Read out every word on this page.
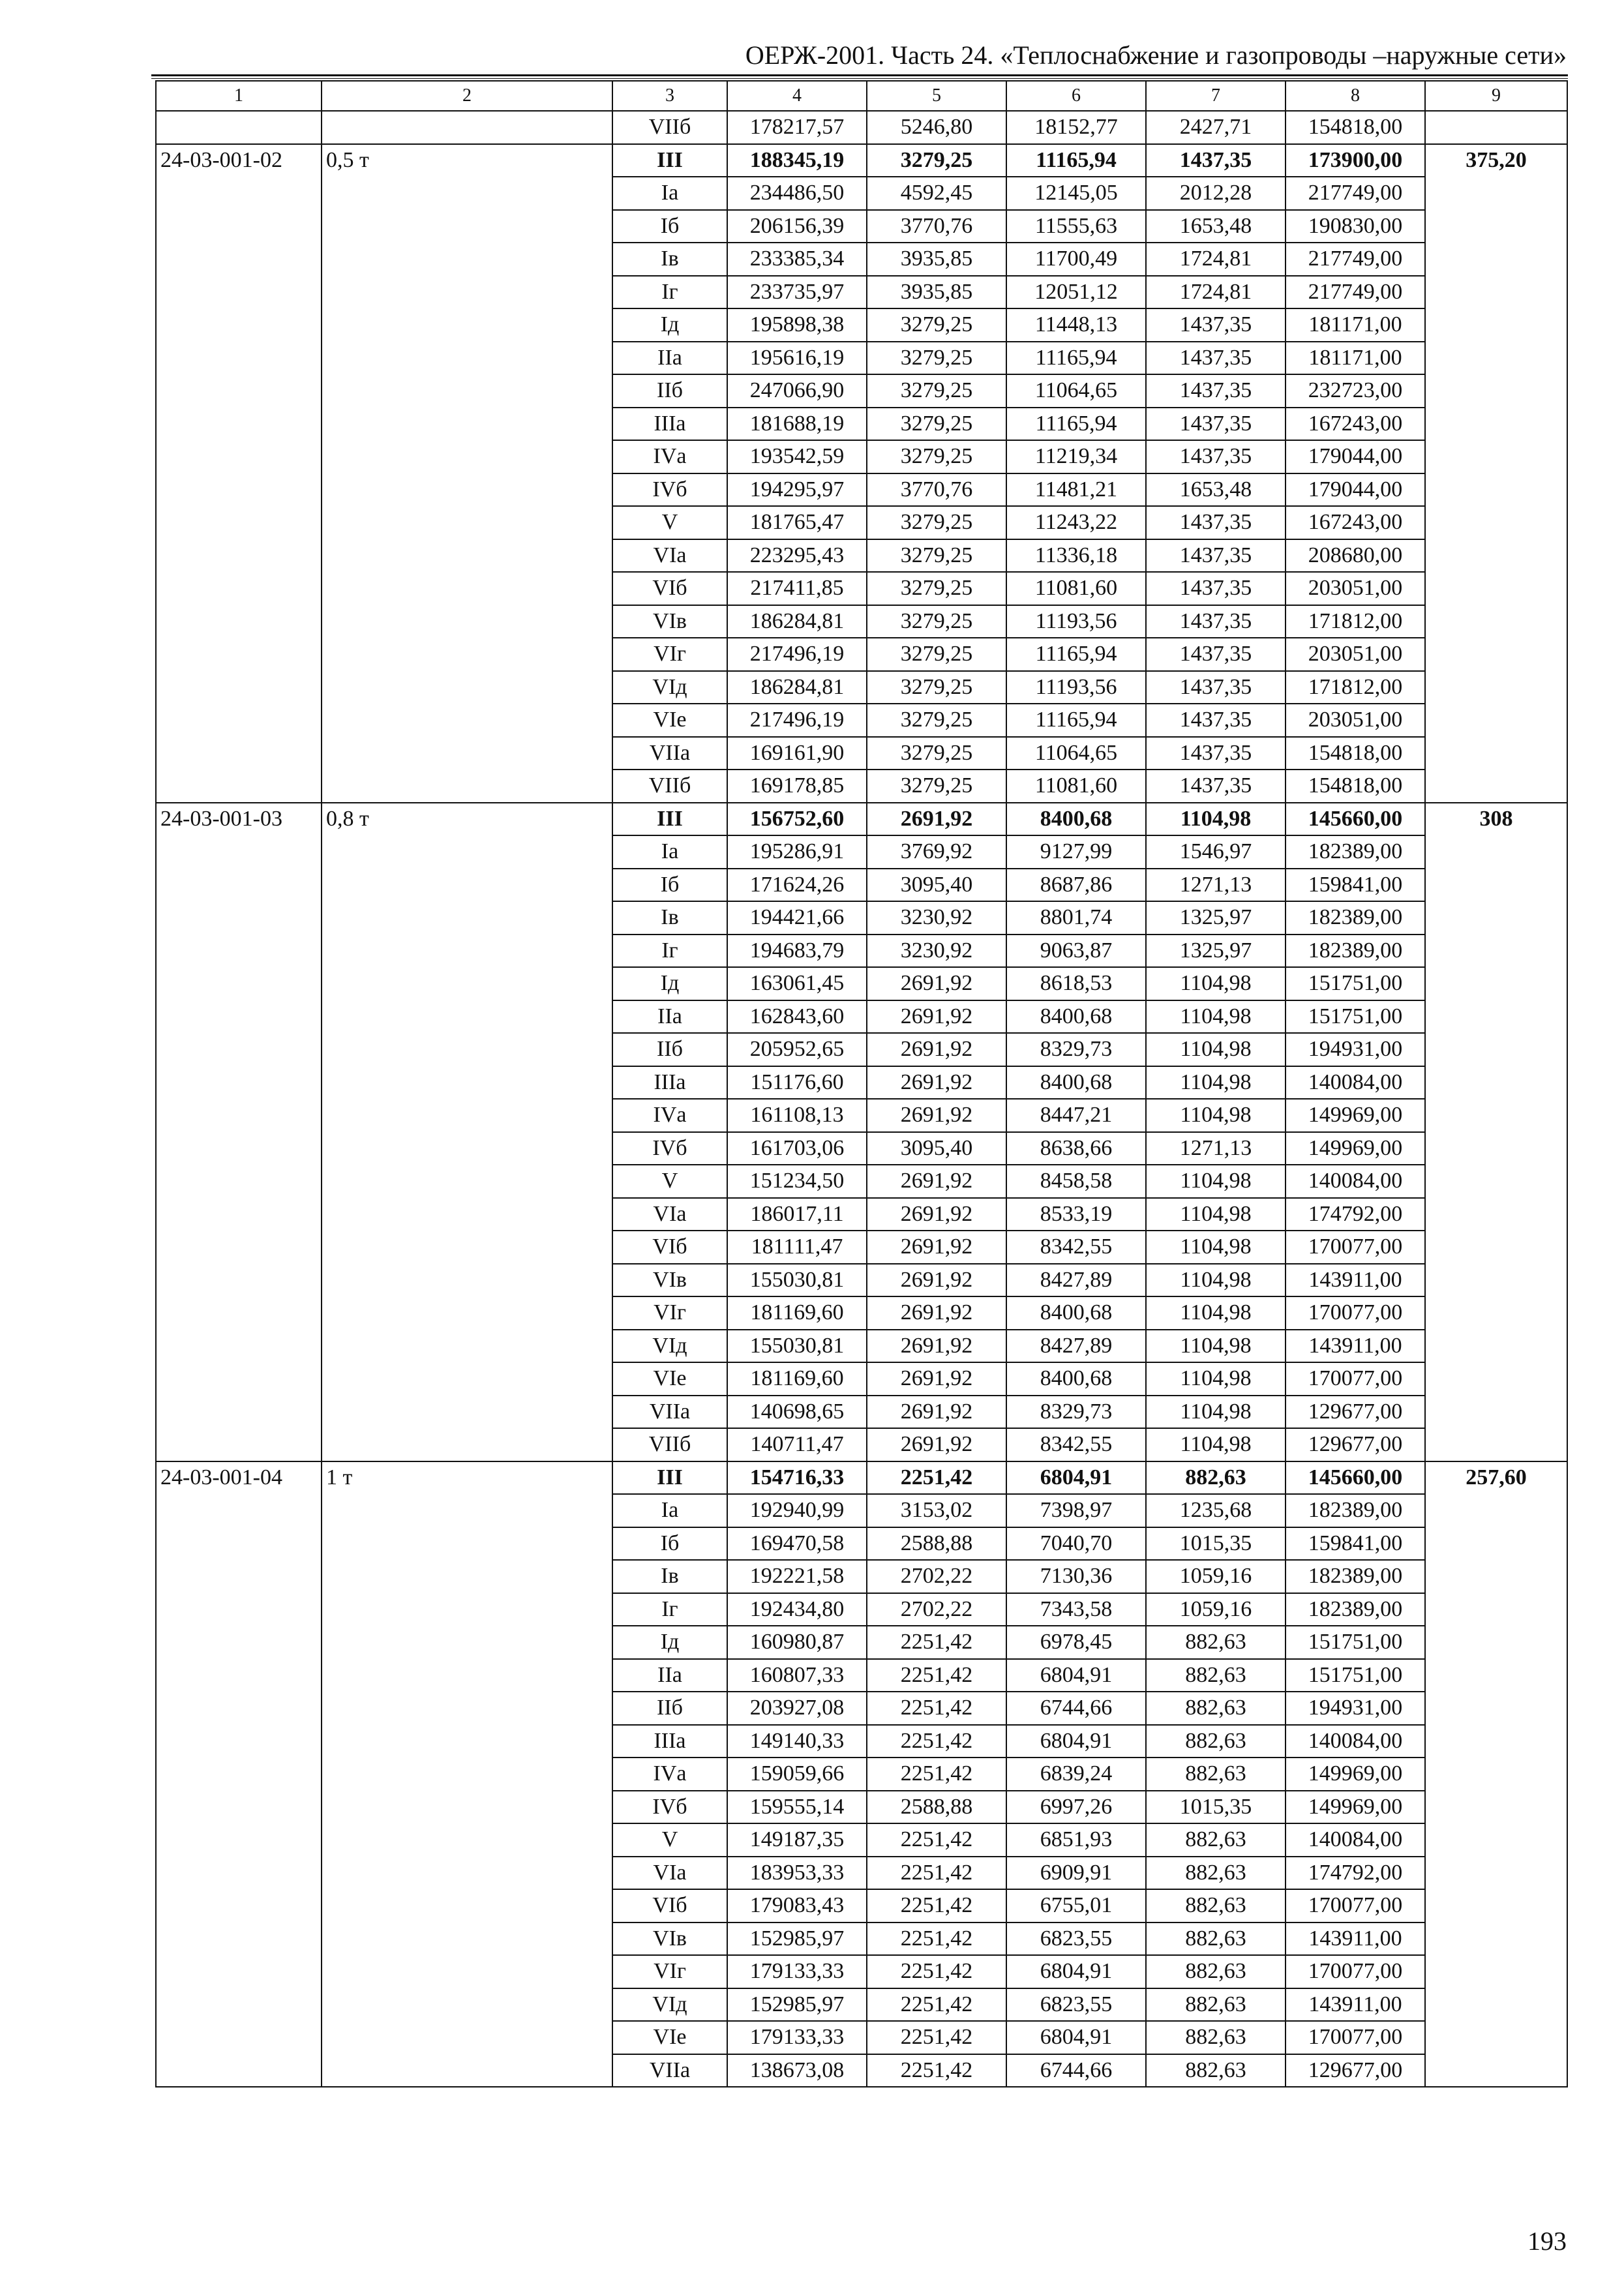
ОЕРЖ-2001. Часть 24. «Теплоснабжение и газопроводы –наружные сети»
1	2	3	4	5	6	7	8	9
		VIIб	178217,57	5246,80	18152,77	2427,71	154818,00	
24-03-001-02	0,5 т	III	188345,19	3279,25	11165,94	1437,35	173900,00	375,20
		Iа	234486,50	4592,45	12145,05	2012,28	217749,00	
		Iб	206156,39	3770,76	11555,63	1653,48	190830,00	
		Iв	233385,34	3935,85	11700,49	1724,81	217749,00	
		Iг	233735,97	3935,85	12051,12	1724,81	217749,00	
		Iд	195898,38	3279,25	11448,13	1437,35	181171,00	
		IIа	195616,19	3279,25	11165,94	1437,35	181171,00	
		IIб	247066,90	3279,25	11064,65	1437,35	232723,00	
		IIIа	181688,19	3279,25	11165,94	1437,35	167243,00	
		IVа	193542,59	3279,25	11219,34	1437,35	179044,00	
		IVб	194295,97	3770,76	11481,21	1653,48	179044,00	
		V	181765,47	3279,25	11243,22	1437,35	167243,00	
		VIа	223295,43	3279,25	11336,18	1437,35	208680,00	
		VIб	217411,85	3279,25	11081,60	1437,35	203051,00	
		VIв	186284,81	3279,25	11193,56	1437,35	171812,00	
		VIг	217496,19	3279,25	11165,94	1437,35	203051,00	
		VIд	186284,81	3279,25	11193,56	1437,35	171812,00	
		VIе	217496,19	3279,25	11165,94	1437,35	203051,00	
		VIIа	169161,90	3279,25	11064,65	1437,35	154818,00	
		VIIб	169178,85	3279,25	11081,60	1437,35	154818,00	
24-03-001-03	0,8 т	III	156752,60	2691,92	8400,68	1104,98	145660,00	308
		Iа	195286,91	3769,92	9127,99	1546,97	182389,00	
		Iб	171624,26	3095,40	8687,86	1271,13	159841,00	
		Iв	194421,66	3230,92	8801,74	1325,97	182389,00	
		Iг	194683,79	3230,92	9063,87	1325,97	182389,00	
		Iд	163061,45	2691,92	8618,53	1104,98	151751,00	
		IIа	162843,60	2691,92	8400,68	1104,98	151751,00	
		IIб	205952,65	2691,92	8329,73	1104,98	194931,00	
		IIIа	151176,60	2691,92	8400,68	1104,98	140084,00	
		IVа	161108,13	2691,92	8447,21	1104,98	149969,00	
		IVб	161703,06	3095,40	8638,66	1271,13	149969,00	
		V	151234,50	2691,92	8458,58	1104,98	140084,00	
		VIа	186017,11	2691,92	8533,19	1104,98	174792,00	
		VIб	181111,47	2691,92	8342,55	1104,98	170077,00	
		VIв	155030,81	2691,92	8427,89	1104,98	143911,00	
		VIг	181169,60	2691,92	8400,68	1104,98	170077,00	
		VIд	155030,81	2691,92	8427,89	1104,98	143911,00	
		VIе	181169,60	2691,92	8400,68	1104,98	170077,00	
		VIIа	140698,65	2691,92	8329,73	1104,98	129677,00	
		VIIб	140711,47	2691,92	8342,55	1104,98	129677,00	
24-03-001-04	1 т	III	154716,33	2251,42	6804,91	882,63	145660,00	257,60
		Iа	192940,99	3153,02	7398,97	1235,68	182389,00	
		Iб	169470,58	2588,88	7040,70	1015,35	159841,00	
		Iв	192221,58	2702,22	7130,36	1059,16	182389,00	
		Iг	192434,80	2702,22	7343,58	1059,16	182389,00	
		Iд	160980,87	2251,42	6978,45	882,63	151751,00	
		IIа	160807,33	2251,42	6804,91	882,63	151751,00	
		IIб	203927,08	2251,42	6744,66	882,63	194931,00	
		IIIа	149140,33	2251,42	6804,91	882,63	140084,00	
		IVа	159059,66	2251,42	6839,24	882,63	149969,00	
		IVб	159555,14	2588,88	6997,26	1015,35	149969,00	
		V	149187,35	2251,42	6851,93	882,63	140084,00	
		VIа	183953,33	2251,42	6909,91	882,63	174792,00	
		VIб	179083,43	2251,42	6755,01	882,63	170077,00	
		VIв	152985,97	2251,42	6823,55	882,63	143911,00	
		VIг	179133,33	2251,42	6804,91	882,63	170077,00	
		VIд	152985,97	2251,42	6823,55	882,63	143911,00	
		VIе	179133,33	2251,42	6804,91	882,63	170077,00	
		VIIа	138673,08	2251,42	6744,66	882,63	129677,00	
193
